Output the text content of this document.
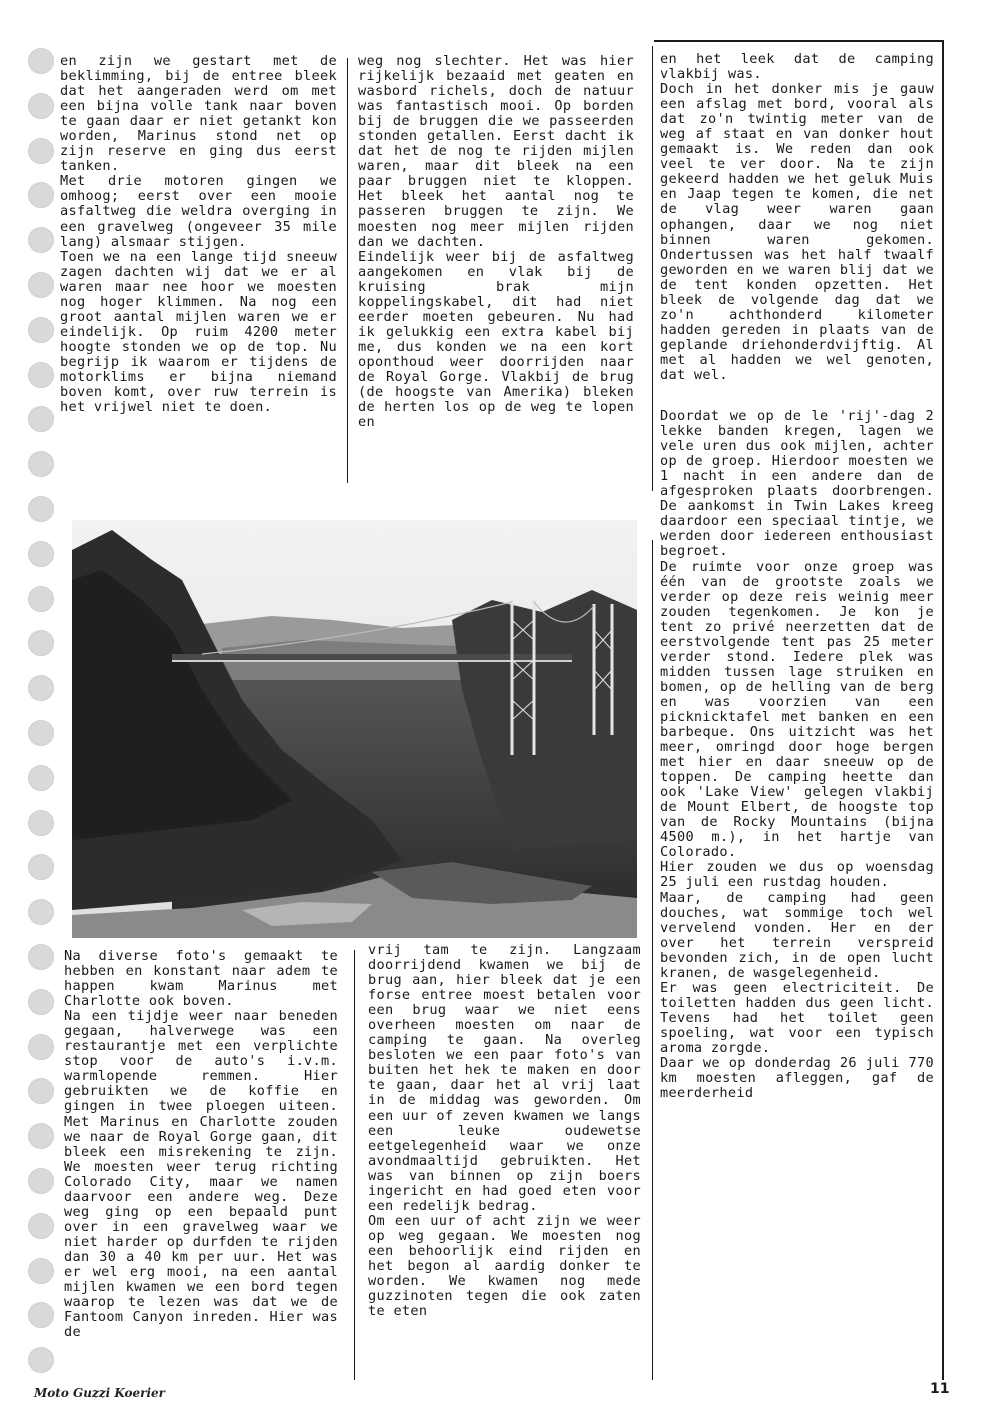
en zijn we gestart met de beklimming, bij de entree bleek dat het aangeraden werd om met een bijna volle tank naar boven te gaan daar er niet getankt kon worden, Marinus stond net op zijn reserve en ging dus eerst tanken.

Met drie motoren gingen we omhoog; eerst over een mooie asfaltweg die weldra overging in een gravelweg (ongeveer 35 mile lang) alsmaar stijgen.

Toen we na een lange tijd sneeuw zagen dachten wij dat we er al waren maar nee hoor we moesten nog hoger klimmen. Na nog een groot aantal mijlen waren we er eindelijk. Op ruim 4200 meter hoogte stonden we op de top. Nu begrijp ik waarom er tijdens de motorklims er bijna niemand boven komt, over ruw terrein is het vrijwel niet te doen.

weg nog slechter. Het was hier rijkelijk bezaaid met geaten en wasbord richels, doch de natuur was fantastisch mooi. Op borden bij de bruggen die we passeerden stonden getallen. Eerst dacht ik dat het de nog te rijden mijlen waren, maar dit bleek na een paar bruggen niet te kloppen. Het bleek het aantal nog te passeren bruggen te zijn. We moesten nog meer mijlen rijden dan we dachten.

Eindelijk weer bij de asfaltweg aangekomen en vlak bij de kruising brak mijn koppelingskabel, dit had niet eerder moeten gebeuren. Nu had ik gelukkig een extra kabel bij me, dus konden we na een kort oponthoud weer doorrijden naar de Royal Gorge. Vlakbij de brug (de hoogste van Amerika) bleken de herten los op de weg te lopen en

en het leek dat de camping vlakbij was.

Doch in het donker mis je gauw een afslag met bord, vooral als dat zo'n twintig meter van de weg af staat en van donker hout gemaakt is. We reden dan ook veel te ver door. Na te zijn gekeerd hadden we het geluk Muis en Jaap tegen te komen, die net de vlag weer waren gaan ophangen, daar we nog niet binnen waren gekomen. Ondertussen was het half twaalf geworden en we waren blij dat we de tent konden opzetten. Het bleek de volgende dag dat we zo'n achthonderd kilometer hadden gereden in plaats van de geplande driehonderdvijftig. Al met al hadden we wel genoten, dat wel.

Doordat we op de le 'rij'-dag 2 lekke banden kregen, lagen we vele uren dus ook mijlen, achter op de groep. Hierdoor moesten we 1 nacht in een andere dan de afgesproken plaats doorbrengen. De aankomst in Twin Lakes kreeg daardoor een speciaal tintje, we werden door iedereen enthousiast begroet.

De ruimte voor onze groep was één van de grootste zoals we verder op deze reis weinig meer zouden tegenkomen. Je kon je tent zo privé neerzetten dat de eerstvolgende tent pas 25 meter verder stond. Iedere plek was midden tussen lage struiken en bomen, op de helling van de berg en was voorzien van een picknicktafel met banken en een barbeque. Ons uitzicht was het meer, omringd door hoge bergen met hier en daar sneeuw op de toppen. De camping heette dan ook 'Lake View' gelegen vlakbij de Mount Elbert, de hoogste top van de Rocky Mountains (bijna 4500 m.), in het hartje van Colorado.

Hier zouden we dus op woensdag 25 juli een rustdag houden.

Maar, de camping had geen douches, wat sommige toch wel vervelend vonden. Her en der over het terrein verspreid bevonden zich, in de open lucht kranen, de wasgelegenheid.

Er was geen electriciteit. De toiletten hadden dus geen licht. Tevens had het toilet geen spoeling, wat voor een typisch aroma zorgde.

Daar we op donderdag 26 juli 770 km moesten afleggen, gaf de meerderheid

Na diverse foto's gemaakt te hebben en konstant naar adem te happen kwam Marinus met Charlotte ook boven.

Na een tijdje weer naar beneden gegaan, halverwege was een restaurantje met een verplichte stop voor de auto's i.v.m. warmlopende remmen. Hier gebruikten we de koffie en gingen in twee ploegen uiteen. Met Marinus en Charlotte zouden we naar de Royal Gorge gaan, dit bleek een misrekening te zijn. We moesten weer terug richting Colorado City, maar we namen daarvoor een andere weg. Deze weg ging op een bepaald punt over in een gravelweg waar we niet harder op durfden te rijden dan 30 a 40 km per uur. Het was er wel erg mooi, na een aantal mijlen kwamen we een bord tegen waarop te lezen was dat we de Fantoom Canyon inreden. Hier was de

vrij tam te zijn. Langzaam doorrijdend kwamen we bij de brug aan, hier bleek dat je een forse entree moest betalen voor een brug waar we niet eens overheen moesten om naar de camping te gaan. Na overleg besloten we een paar foto's van buiten het hek te maken en door te gaan, daar het al vrij laat in de middag was geworden. Om een uur of zeven kwamen we langs een leuke oudewetse eetgelegenheid waar we onze avondmaaltijd gebruikten. Het was van binnen op zijn boers ingericht en had goed eten voor een redelijk bedrag.

Om een uur of acht zijn we weer op weg gegaan. We moesten nog een behoorlijk eind rijden en het begon al aardig donker te worden. We kwamen nog mede guzzinoten tegen die ook zaten te eten

Moto Guzzi Koerier	11
